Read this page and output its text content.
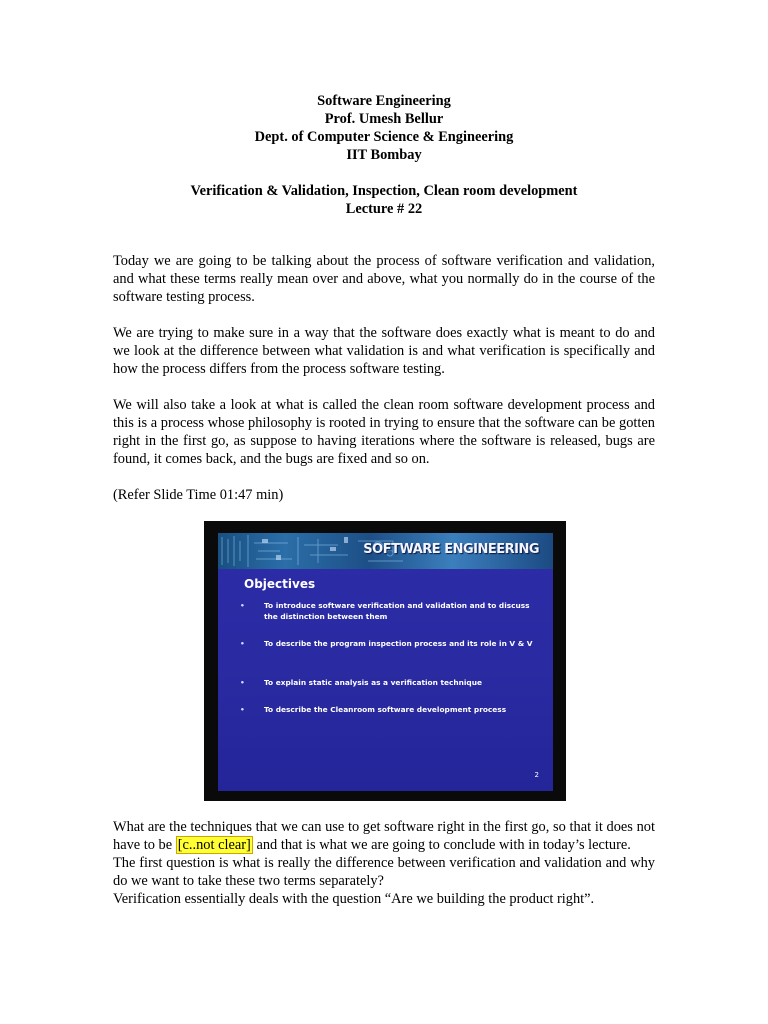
Software Engineering
Prof. Umesh Bellur
Dept. of Computer Science & Engineering
IIT Bombay
Verification & Validation, Inspection, Clean room development
Lecture # 22

Today we are going to be talking about the process of software verification and validation, and what these terms really mean over and above, what you normally do in the course of the software testing process.

We are trying to make sure in a way that the software does exactly what is meant to do and we look at the difference between what validation is and what verification is specifically and how the process differs from the process software testing.

We will also take a look at what is called the clean room software development process and this is a process whose philosophy is rooted in trying to ensure that the software can be gotten right in the first go, as suppose to having iterations where the software is released, bugs are found, it comes back, and the bugs are fixed and so on.

(Refer Slide Time 01:47 min)

SOFTWARE ENGINEERING
Objectives
•	To introduce software verification and validation and to discuss the distinction between them
•	To describe the program inspection process and its role in V & V
•	To explain static analysis as a verification technique
•	To describe the Cleanroom software development process
2

What are the techniques that we can use to get software right in the first go, so that it does not have to be [c..not clear] and that is what we are going to conclude with in today’s lecture.

The first question is what is really the difference between verification and validation and why do we want to take these two terms separately?

Verification essentially deals with the question “Are we building the product right”.
